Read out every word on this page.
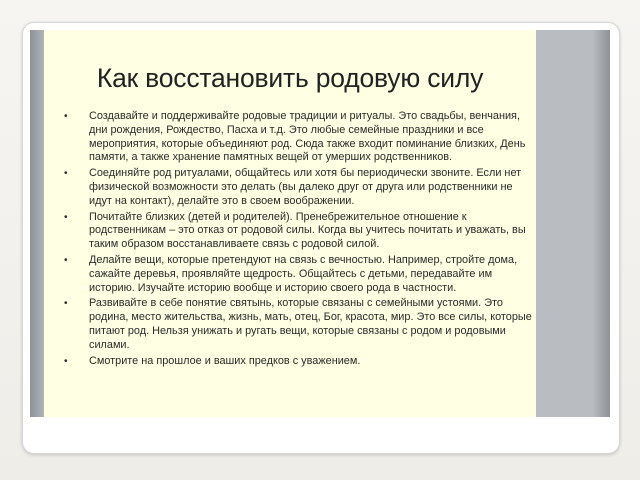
Как восстановить родовую силу
•	Создавайте и поддерживайте родовые традиции и ритуалы. Это свадьбы, венчания, дни рождения, Рождество, Пасха и т.д. Это любые семейные праздники и все мероприятия, которые объединяют род. Сюда также входит поминание близких, День памяти, а также хранение памятных вещей от умерших родственников.
•	Соединяйте род ритуалами, общайтесь или хотя бы периодически звоните. Если нет физической возможности это делать (вы далеко друг от друга или родственники не идут на контакт), делайте это в своем воображении.
•	Почитайте близких (детей и родителей). Пренебрежительное отношение к родственникам – это отказ от родовой силы. Когда вы учитесь почитать и уважать, вы таким образом восстанавливаете связь с родовой силой.
•	Делайте вещи, которые претендуют на связь с вечностью. Например, стройте дома, сажайте деревья, проявляйте щедрость. Общайтесь с детьми, передавайте им историю. Изучайте историю вообще и историю своего рода в частности.
•	Развивайте в себе понятие святынь, которые связаны с семейными устоями. Это родина, место жительства, жизнь, мать, отец, Бог, красота, мир. Это все силы, которые питают род. Нельзя унижать и ругать вещи, которые связаны с родом и родовыми силами.
•	Смотрите на прошлое и ваших предков с уважением.
